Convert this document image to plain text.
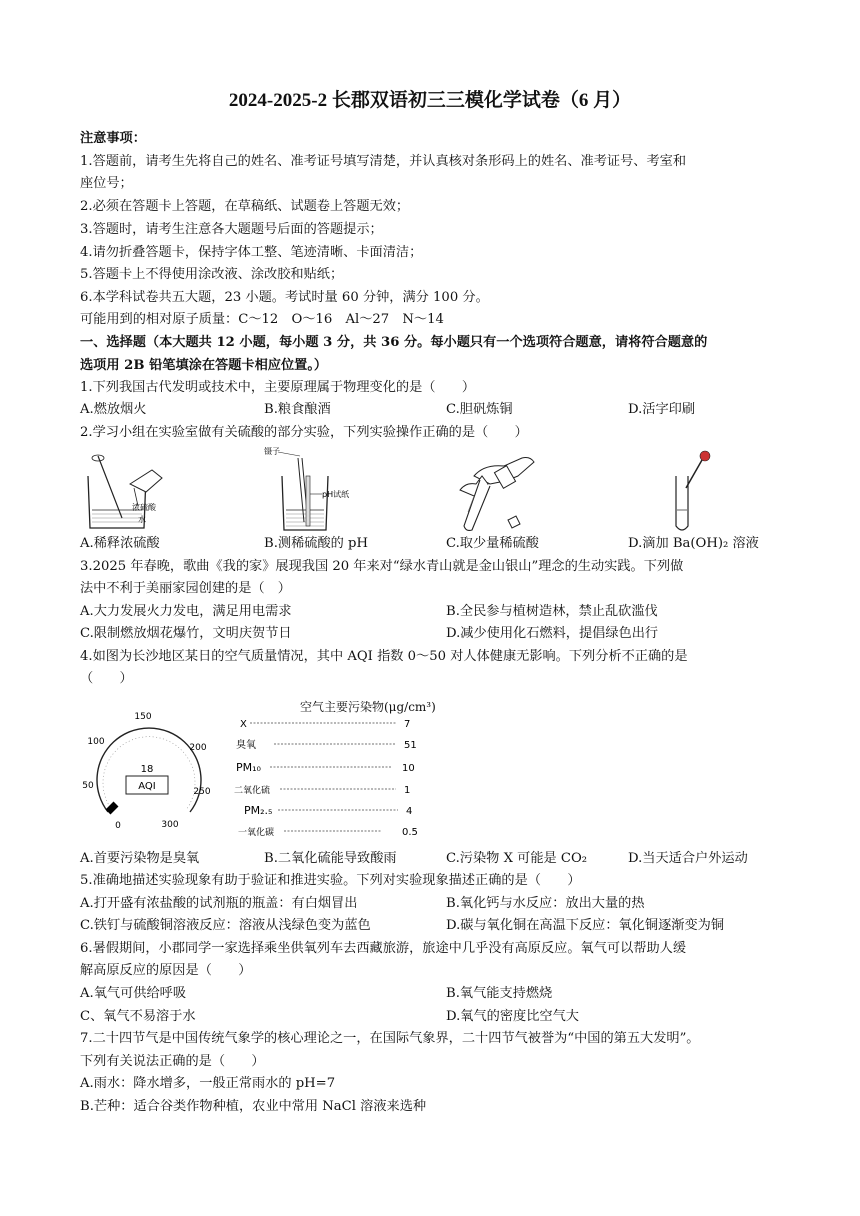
2024-2025-2 长郡双语初三三模化学试卷（6 月）
注意事项：
1.答题前，请考生先将自己的姓名、准考证号填写清楚，并认真核对条形码上的姓名、准考证号、考室和
座位号；
2.必须在答题卡上答题，在草稿纸、试题卷上答题无效；
3.答题时，请考生注意各大题题号后面的答题提示；
4.请勿折叠答题卡，保持字体工整、笔迹清晰、卡面清洁；
5.答题卡上不得使用涂改液、涂改胶和贴纸；
6.本学科试卷共五大题，23 小题。考试时量 60 分钟，满分 100 分。
可能用到的相对原子质量：C～12　O～16　Al～27　N～14
一、选择题（本大题共 12 小题，每小题 3 分，共 36 分。每小题只有一个选项符合题意，请将符合题意的
选项用 2B 铅笔填涂在答题卡相应位置。）
1.下列我国古代发明或技术中，主要原理属于物理变化的是（　　）
A.燃放烟火	B.粮食酿酒	C.胆矾炼铜	D.活字印刷
2.学习小组在实验室做有关硫酸的部分实验，下列实验操作正确的是（　　）
浓硫酸
水
镊子
pH试纸
A.稀释浓硫酸	B.测稀硫酸的 pH	C.取少量稀硫酸	D.滴加 Ba(OH)₂ 溶液
3.2025 年春晚，歌曲《我的家》展现我国 20 年来对“绿水青山就是金山银山”理念的生动实践。下列做
法中不利于美丽家园创建的是（　）
A.大力发展火力发电，满足用电需求	B.全民参与植树造林，禁止乱砍滥伐
C.限制燃放烟花爆竹，文明庆贺节日	D.减少使用化石燃料，提倡绿色出行
4.如图为长沙地区某日的空气质量情况，其中 AQI 指数 0～50 对人体健康无影响。下列分析不正确的是
（　　）
AQI
18
0
50
100
150
200
250
300
空气主要污染物(μg/cm³)
X	7
臭氧	51
PM₁₀	10
二氧化硫	1
PM₂.₅	4
一氧化碳	0.5
A.首要污染物是臭氧	B.二氧化硫能导致酸雨	C.污染物 X 可能是 CO₂	D.当天适合户外运动
5.准确地描述实验现象有助于验证和推进实验。下列对实验现象描述正确的是（　　）
A.打开盛有浓盐酸的试剂瓶的瓶盖：有白烟冒出	B.氧化钙与水反应：放出大量的热
C.铁钉与硫酸铜溶液反应：溶液从浅绿色变为蓝色	D.碳与氧化铜在高温下反应：氧化铜逐渐变为铜
6.暑假期间，小郡同学一家选择乘坐供氧列车去西藏旅游，旅途中几乎没有高原反应。氧气可以帮助人缓
解高原反应的原因是（　　）
A.氧气可供给呼吸	B.氧气能支持燃烧
C、氧气不易溶于水	D.氧气的密度比空气大
7.二十四节气是中国传统气象学的核心理论之一，在国际气象界，二十四节气被誉为“中国的第五大发明”。
下列有关说法正确的是（　　）
A.雨水：降水增多，一般正常雨水的 pH=7
B.芒种：适合谷类作物种植，农业中常用 NaCl 溶液来选种
